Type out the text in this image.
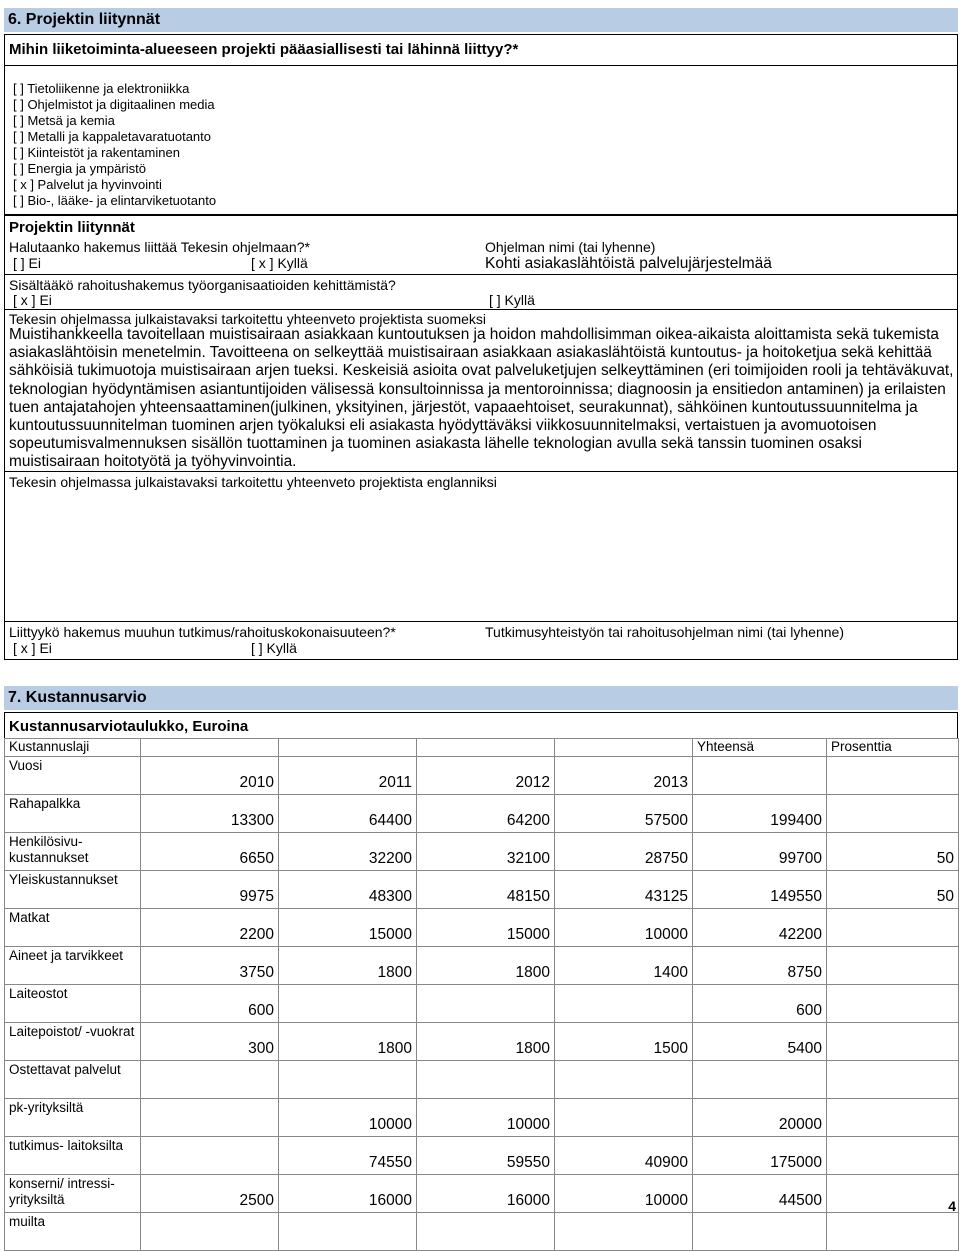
6. Projektin liitynnät
Mihin liiketoiminta-alueeseen projekti pääasiallisesti tai lähinnä liittyy?*
[ ] Tietoliikenne ja elektroniikka
[ ] Ohjelmistot ja digitaalinen media
[ ] Metsä ja kemia
[ ] Metalli ja kappaletavaratuotanto
[ ] Kiinteistöt ja rakentaminen
[ ] Energia ja ympäristö
[ x ] Palvelut ja hyvinvointi
[ ] Bio-, lääke- ja elintarviketuotanto
Projektin liitynnät
Halutaanko hakemus liittää Tekesin ohjelmaan?*
[ ] Ei	[ x ] Kyllä
Ohjelman nimi (tai lyhenne)
Kohti asiakaslähtöistä palvelujärjestelmää
Sisältääkö rahoitushakemus työorganisaatioiden kehittämistä?
[ x ] Ei	[ ] Kyllä
Tekesin ohjelmassa julkaistavaksi tarkoitettu yhteenveto projektista suomeksi
Muistihankkeella tavoitellaan muistisairaan asiakkaan kuntoutuksen ja hoidon mahdollisimman oikea-aikaista aloittamista sekä tukemista asiakaslähtöisin menetelmin. Tavoitteena on selkeyttää muistisairaan asiakkaan asiakaslähtöistä kuntoutus- ja hoitoketjua sekä kehittää sähköisiä tukimuotoja muistisairaan arjen tueksi. Keskeisiä asioita ovat palveluketjujen selkeyttäminen (eri toimijoiden rooli ja tehtäväkuvat, teknologian hyödyntämisen asiantuntijoiden välisessä konsultoinnissa ja mentoroinnissa; diagnoosin ja ensitiedon antaminen) ja erilaisten tuen antajatahojen yhteensaattaminen(julkinen, yksityinen, järjestöt, vapaaehtoiset, seurakunnat), sähköinen kuntoutussuunnitelma ja kuntoutussuunnitelman tuominen arjen työkaluksi eli asiakasta hyödyttäväksi viikkosuunnitelmaksi, vertaistuen ja avomuotoisen sopeutumisvalmennuksen sisällön tuottaminen ja tuominen asiakasta lähelle teknologian avulla sekä tanssin tuominen osaksi muistisairaan hoitotyötä ja työhyvinvointia.
Tekesin ohjelmassa julkaistavaksi tarkoitettu yhteenveto projektista englanniksi
Liittyykö hakemus muuhun tutkimus/rahoituskokonaisuuteen?*
[ x ] Ei	[ ] Kyllä
Tutkimusyhteistyön tai rahoitusohjelman nimi (tai lyhenne)
7. Kustannusarvio
Kustannusarviotaulukko, Euroina
Kustannuslaji					Yhteensä	Prosenttia
Vuosi	2010	2011	2012	2013		
Rahapalkka	13300	64400	64200	57500	199400	
Henkilösivu-kustannukset	6650	32200	32100	28750	99700	50
Yleiskustannukset	9975	48300	48150	43125	149550	50
Matkat	2200	15000	15000	10000	42200	
Aineet ja tarvikkeet	3750	1800	1800	1400	8750	
Laiteostot	600				600	
Laitepoistot/ -vuokrat	300	1800	1800	1500	5400	
Ostettavat palvelut						
pk-yrityksiltä		10000	10000		20000	
tutkimus- laitoksilta		74550	59550	40900	175000	
konserni/ intressi-yrityksiltä	2500	16000	16000	10000	44500	
muilta						
4
